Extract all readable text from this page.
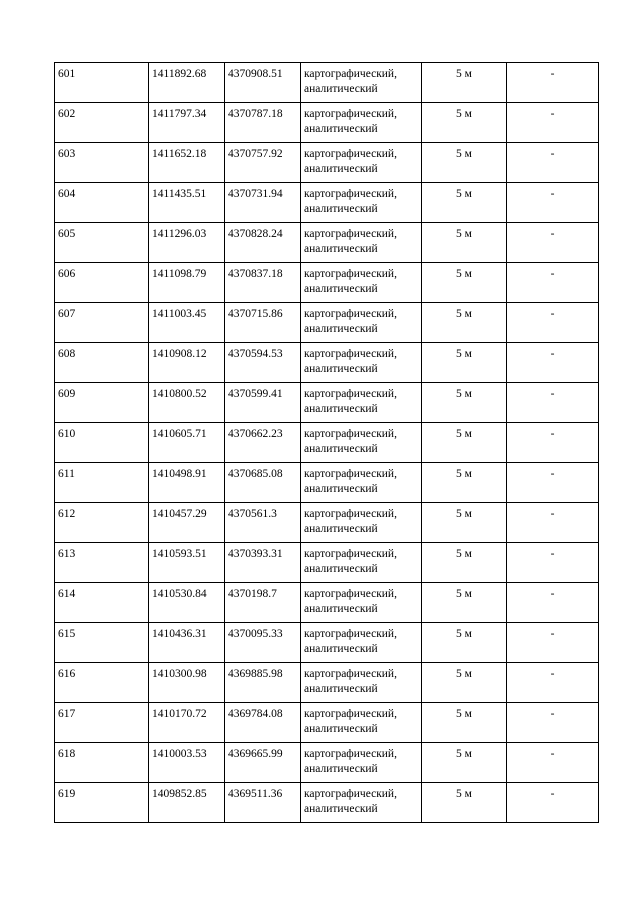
601	1411892.68	4370908.51	картографический, аналитический	5 м	-
602	1411797.34	4370787.18	картографический, аналитический	5 м	-
603	1411652.18	4370757.92	картографический, аналитический	5 м	-
604	1411435.51	4370731.94	картографический, аналитический	5 м	-
605	1411296.03	4370828.24	картографический, аналитический	5 м	-
606	1411098.79	4370837.18	картографический, аналитический	5 м	-
607	1411003.45	4370715.86	картографический, аналитический	5 м	-
608	1410908.12	4370594.53	картографический, аналитический	5 м	-
609	1410800.52	4370599.41	картографический, аналитический	5 м	-
610	1410605.71	4370662.23	картографический, аналитический	5 м	-
611	1410498.91	4370685.08	картографический, аналитический	5 м	-
612	1410457.29	4370561.3	картографический, аналитический	5 м	-
613	1410593.51	4370393.31	картографический, аналитический	5 м	-
614	1410530.84	4370198.7	картографический, аналитический	5 м	-
615	1410436.31	4370095.33	картографический, аналитический	5 м	-
616	1410300.98	4369885.98	картографический, аналитический	5 м	-
617	1410170.72	4369784.08	картографический, аналитический	5 м	-
618	1410003.53	4369665.99	картографический, аналитический	5 м	-
619	1409852.85	4369511.36	картографический, аналитический	5 м	-
